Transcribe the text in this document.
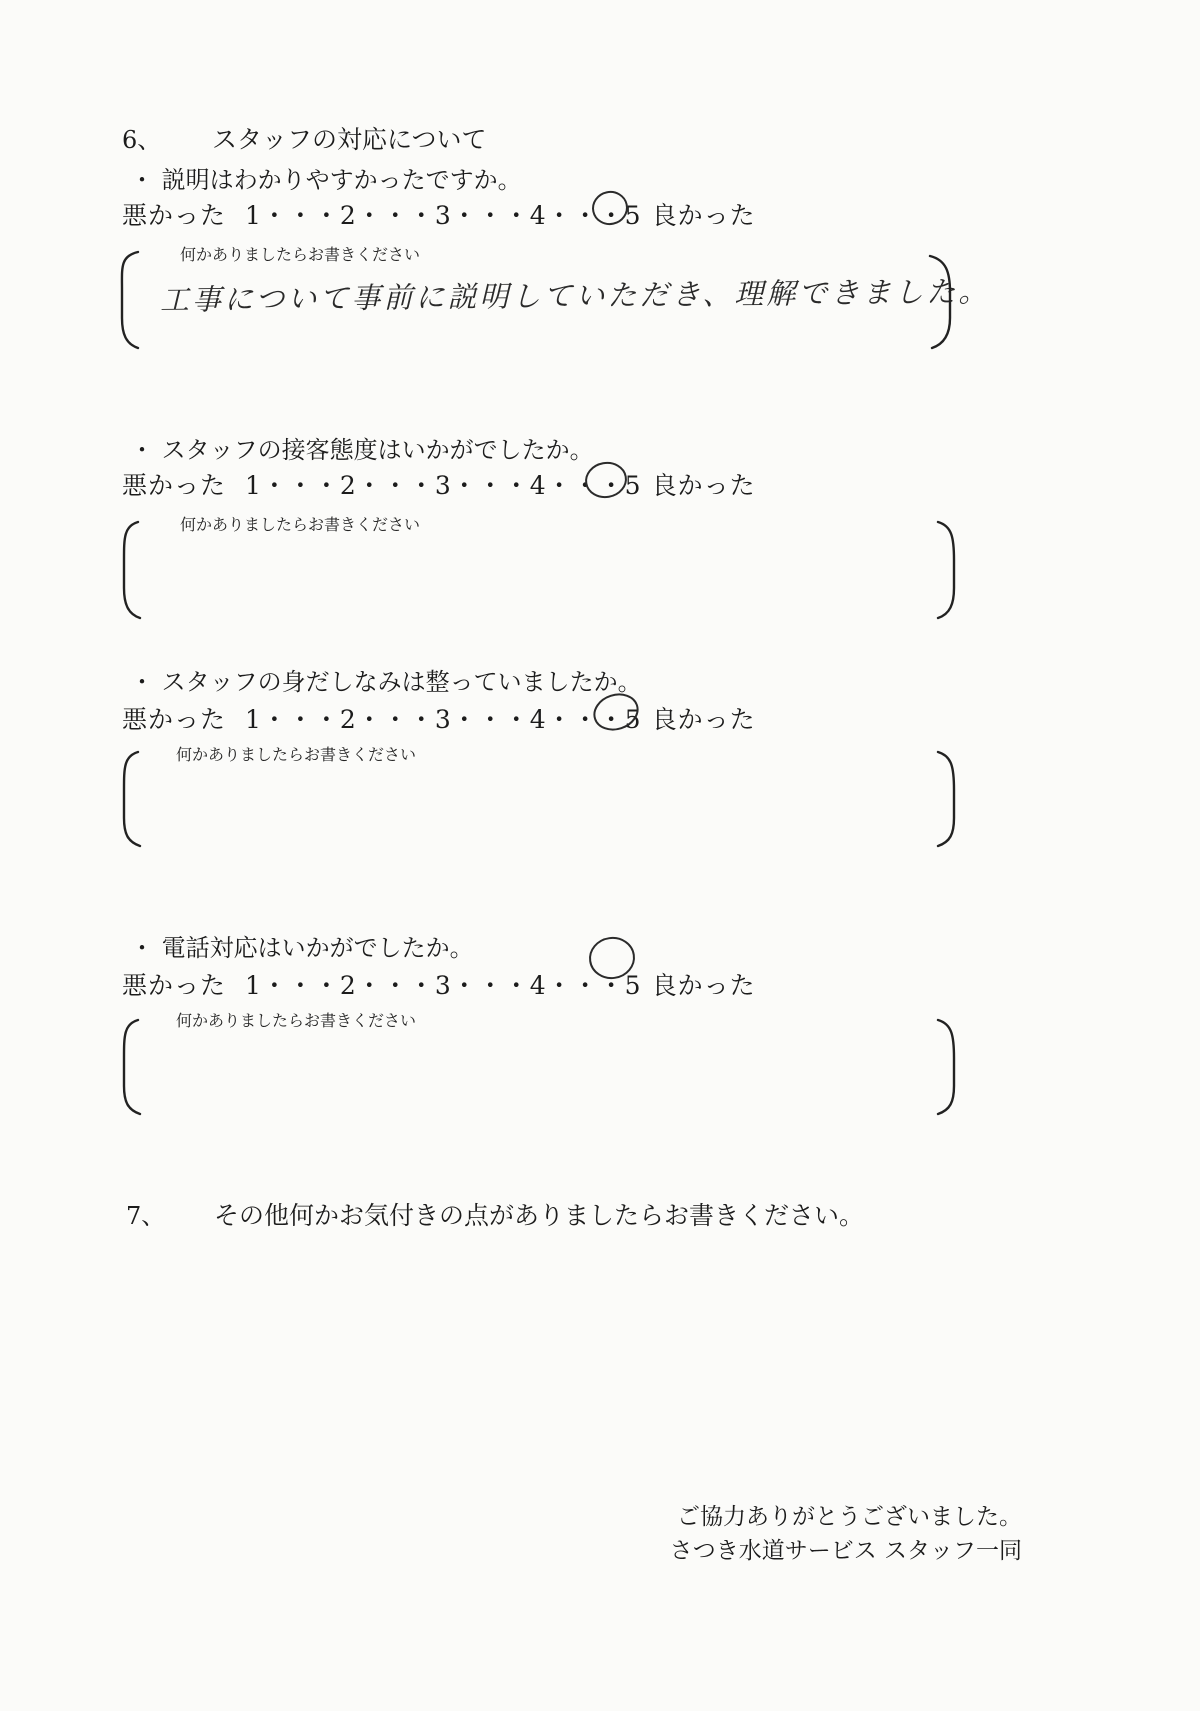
6、 スタッフの対応について
・ 説明はわかりやすかったですか。
悪かった 1・・・2・・・3・・・4・・・5 良かった
何かありましたらお書きください
工事について事前に説明していただき、理解できました。
・ スタッフの接客態度はいかがでしたか。
悪かった 1・・・2・・・3・・・4・・・5 良かった
何かありましたらお書きください
・ スタッフの身だしなみは整っていましたか。
悪かった 1・・・2・・・3・・・4・・・5 良かった
何かありましたらお書きください
・ 電話対応はいかがでしたか。
悪かった 1・・・2・・・3・・・4・・・5 良かった
何かありましたらお書きください
7、 その他何かお気付きの点がありましたらお書きください。
ご協力ありがとうございました。
さつき水道サービス スタッフ一同
